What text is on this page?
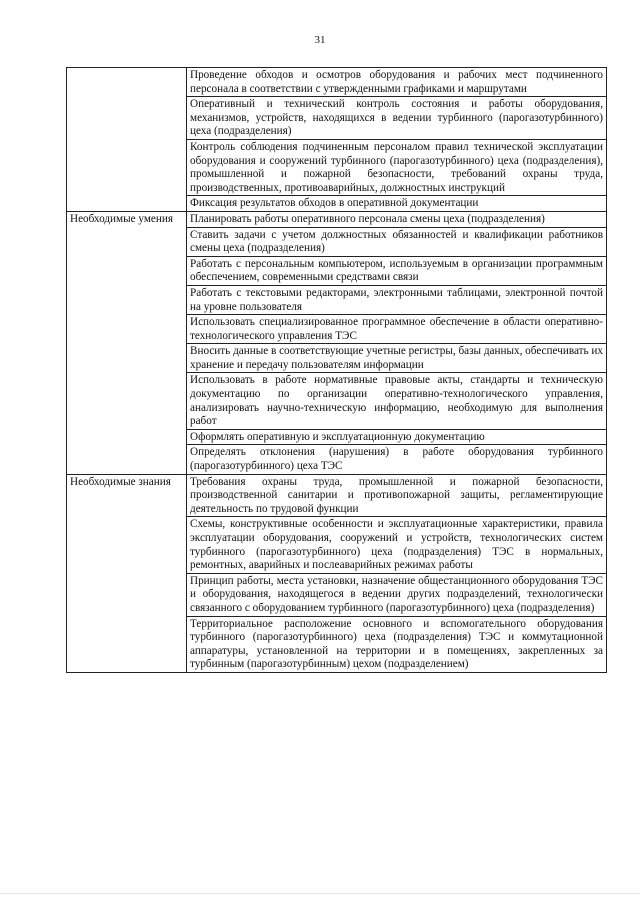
31
	Проведение обходов и осмотров оборудования и рабочих мест подчиненного персонала в соответствии с утвержденными графиками и маршрутами
	Оперативный и технический контроль состояния и работы оборудования, механизмов, устройств, находящихся в ведении турбинного (парогазотурбинного) цеха (подразделения)
	Контроль соблюдения подчиненным персоналом правил технической эксплуатации оборудования и сооружений турбинного (парогазотурбинного) цеха (подразделения), промышленной и пожарной безопасности, требований охраны труда, производственных, противоаварийных, должностных инструкций
	Фиксация результатов обходов в оперативной документации
Необходимые умения	Планировать работы оперативного персонала смены цеха (подразделения)
	Ставить задачи с учетом должностных обязанностей и квалификации работников смены цеха (подразделения)
	Работать с персональным компьютером, используемым в организации программным обеспечением, современными средствами связи
	Работать с текстовыми редакторами, электронными таблицами, электронной почтой на уровне пользователя
	Использовать специализированное программное обеспечение в области оперативно-технологического управления ТЭС
	Вносить данные в соответствующие учетные регистры, базы данных, обеспечивать их хранение и передачу пользователям информации
	Использовать в работе нормативные правовые акты, стандарты и техническую документацию по организации оперативно-технологического управления, анализировать научно-техническую информацию, необходимую для выполнения работ
	Оформлять оперативную и эксплуатационную документацию
	Определять отклонения (нарушения) в работе оборудования турбинного (парогазотурбинного) цеха ТЭС
Необходимые знания	Требования охраны труда, промышленной и пожарной безопасности, производственной санитарии и противопожарной защиты, регламентирующие деятельность по трудовой функции
	Схемы, конструктивные особенности и эксплуатационные характеристики, правила эксплуатации оборудования, сооружений и устройств, технологических систем турбинного (парогазотурбинного) цеха (подразделения) ТЭС в нормальных, ремонтных, аварийных и послеаварийных режимах работы
	Принцип работы, места установки, назначение общестанционного оборудования ТЭС и оборудования, находящегося в ведении других подразделений, технологически связанного с оборудованием турбинного (парогазотурбинного) цеха (подразделения)
	Территориальное расположение основного и вспомогательного оборудования турбинного (парогазотурбинного) цеха (подразделения) ТЭС и коммутационной аппаратуры, установленной на территории и в помещениях, закрепленных за турбинным (парогазотурбинным) цехом (подразделением)
